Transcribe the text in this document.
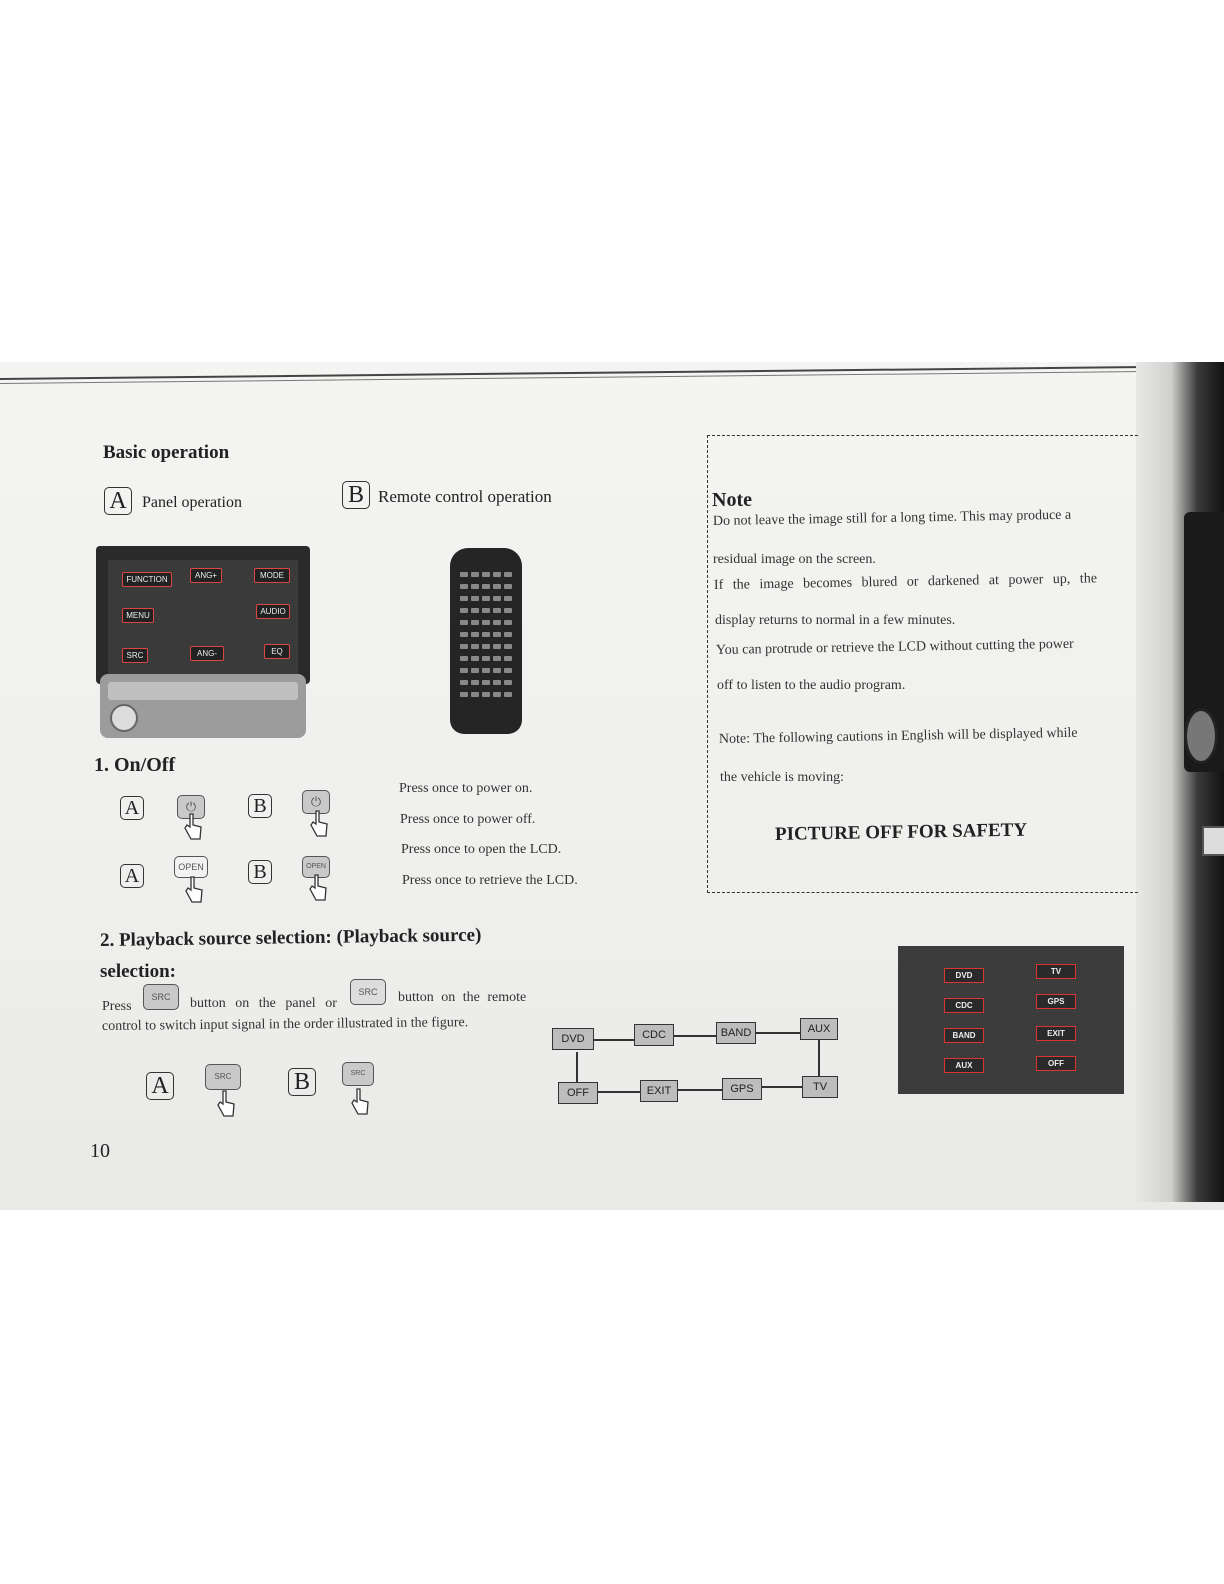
Basic operation
A Panel operation	B Remote control operation
FUNCTION	ANG+	MODE
MENU	AUDIO
SRC	ANG-	EQ
1. On/Off
A	⏻	B	⏻
A	OPEN B	OPEN
Press once to power on.
Press once to power off.
Press once to open the LCD.
Press once to retrieve the LCD.
2. Playback source selection: (Playback source)
selection:
Press
SRC	button on the panel or
SRC	button on the remote
control to switch input signal in the order illustrated in the figure.
A	SRC	B	SRC
DVD	CDC	BAND	AUX
TV
GPS
EXIT
OFF
Note
Do not leave the image still for a long time. This may produce a
residual image on the screen.
If the image becomes blured or darkened at power up, the
display returns to normal in a few minutes.
You can protrude or retrieve the LCD without cutting the power
off to listen to the audio program.
Note: The following cautions in English will be displayed while
the vehicle is moving:
PICTURE OFF FOR SAFETY
DVD
CDC
BAND
AUX
TV
GPS
EXIT
OFF
10
